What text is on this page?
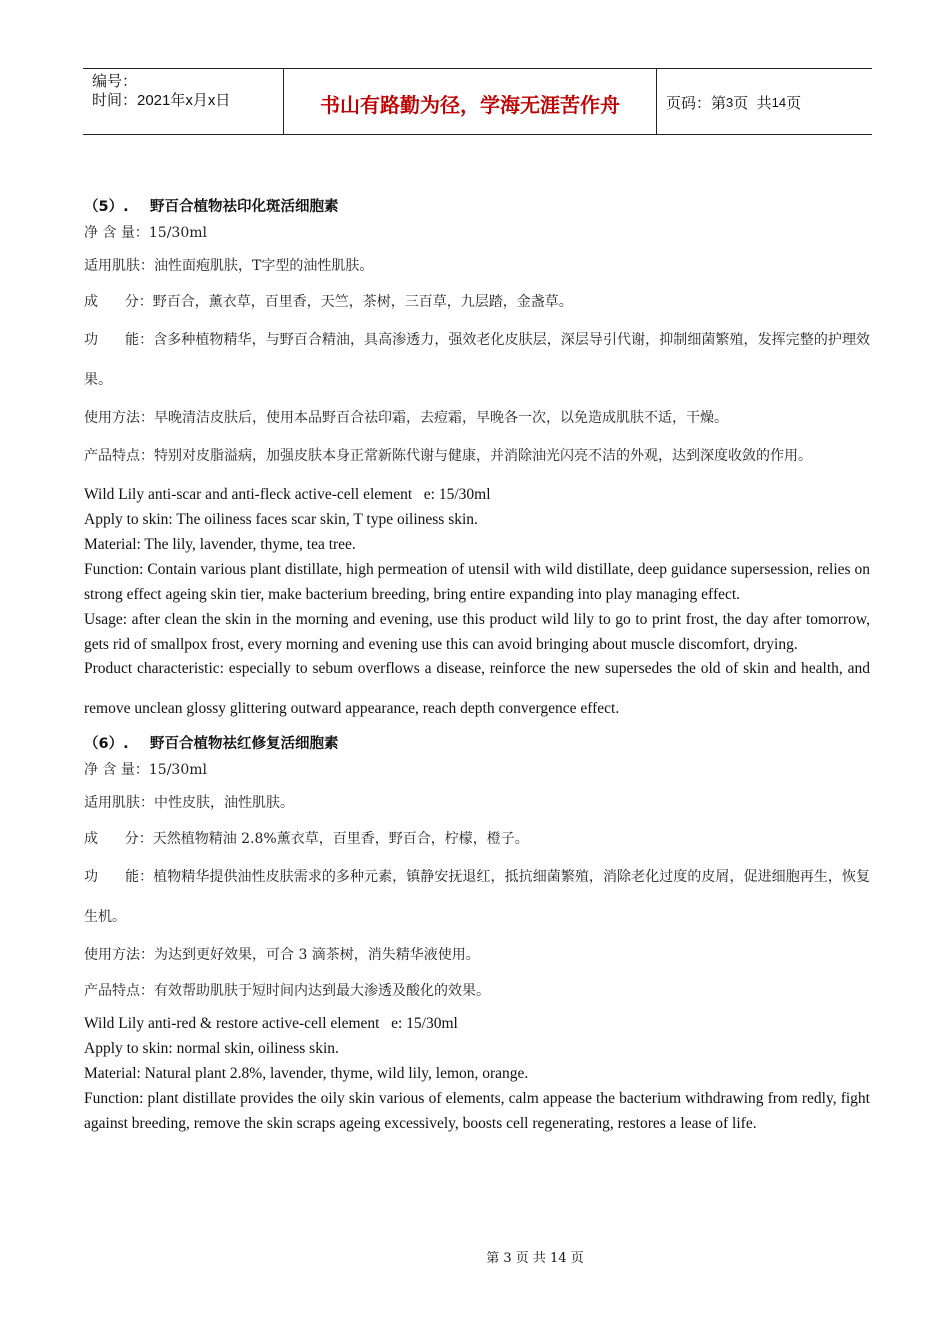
编号：
时间：2021年x月x日	书山有路勤为径，学海无涯苦作舟	页码：第 3 页  共 14 页
（5）. 野百合植物祛印化斑活细胞素
净 含 量：15/30ml
适用肌肤：油性面疱肌肤，T字型的油性肌肤。
成      分：野百合，薰衣草，百里香，天竺，茶树，三百草，九层踏，金盏草。
功      能：含多种植物精华，与野百合精油，具高渗透力，强效老化皮肤层，深层导引代谢，抑制细菌繁殖，发挥完整的护理效果。
使用方法：早晚清洁皮肤后，使用本品野百合祛印霜，去痘霜，早晚各一次，以免造成肌肤不适，干燥。
产品特点：特别对皮脂溢病，加强皮肤本身正常新陈代谢与健康，并消除油光闪亮不洁的外观，达到深度收敛的作用。
Wild Lily anti-scar and anti-fleck active-cell element   e: 15/30ml
Apply to skin: The oiliness faces scar skin, T type oiliness skin.
Material: The lily, lavender, thyme, tea tree.
Function: Contain various plant distillate, high permeation of utensil with wild distillate, deep guidance supersession, relies on strong effect ageing skin tier, make bacterium breeding, bring entire expanding into play managing effect.
Usage: after clean the skin in the morning and evening, use this product wild lily to go to print frost, the day after tomorrow, gets rid of smallpox frost, every morning and evening use this can avoid bringing about muscle discomfort, drying.
Product characteristic: especially to sebum overflows a disease, reinforce the new supersedes the old of skin and health, and remove unclean glossy glittering outward appearance, reach depth convergence effect.
（6）. 野百合植物祛红修复活细胞素
净 含 量：15/30ml
适用肌肤：中性皮肤，油性肌肤。
成      分：天然植物精油 2.8%薰衣草，百里香，野百合，柠檬，橙子。
功      能：植物精华提供油性皮肤需求的多种元素，镇静安抚退红，抵抗细菌繁殖，消除老化过度的皮屑，促进细胞再生，恢复生机。
使用方法：为达到更好效果，可合 3 滴茶树，消失精华液使用。
产品特点：有效帮助肌肤于短时间内达到最大渗透及酸化的效果。
Wild Lily anti-red & restore active-cell element   e: 15/30ml
Apply to skin: normal skin, oiliness skin.
Material: Natural plant 2.8%, lavender, thyme, wild lily, lemon, orange.
Function: plant distillate provides the oily skin various of elements, calm appease the bacterium withdrawing from redly, fight against breeding, remove the skin scraps ageing excessively, boosts cell regenerating, restores a lease of life.
第 3 页 共 14 页
